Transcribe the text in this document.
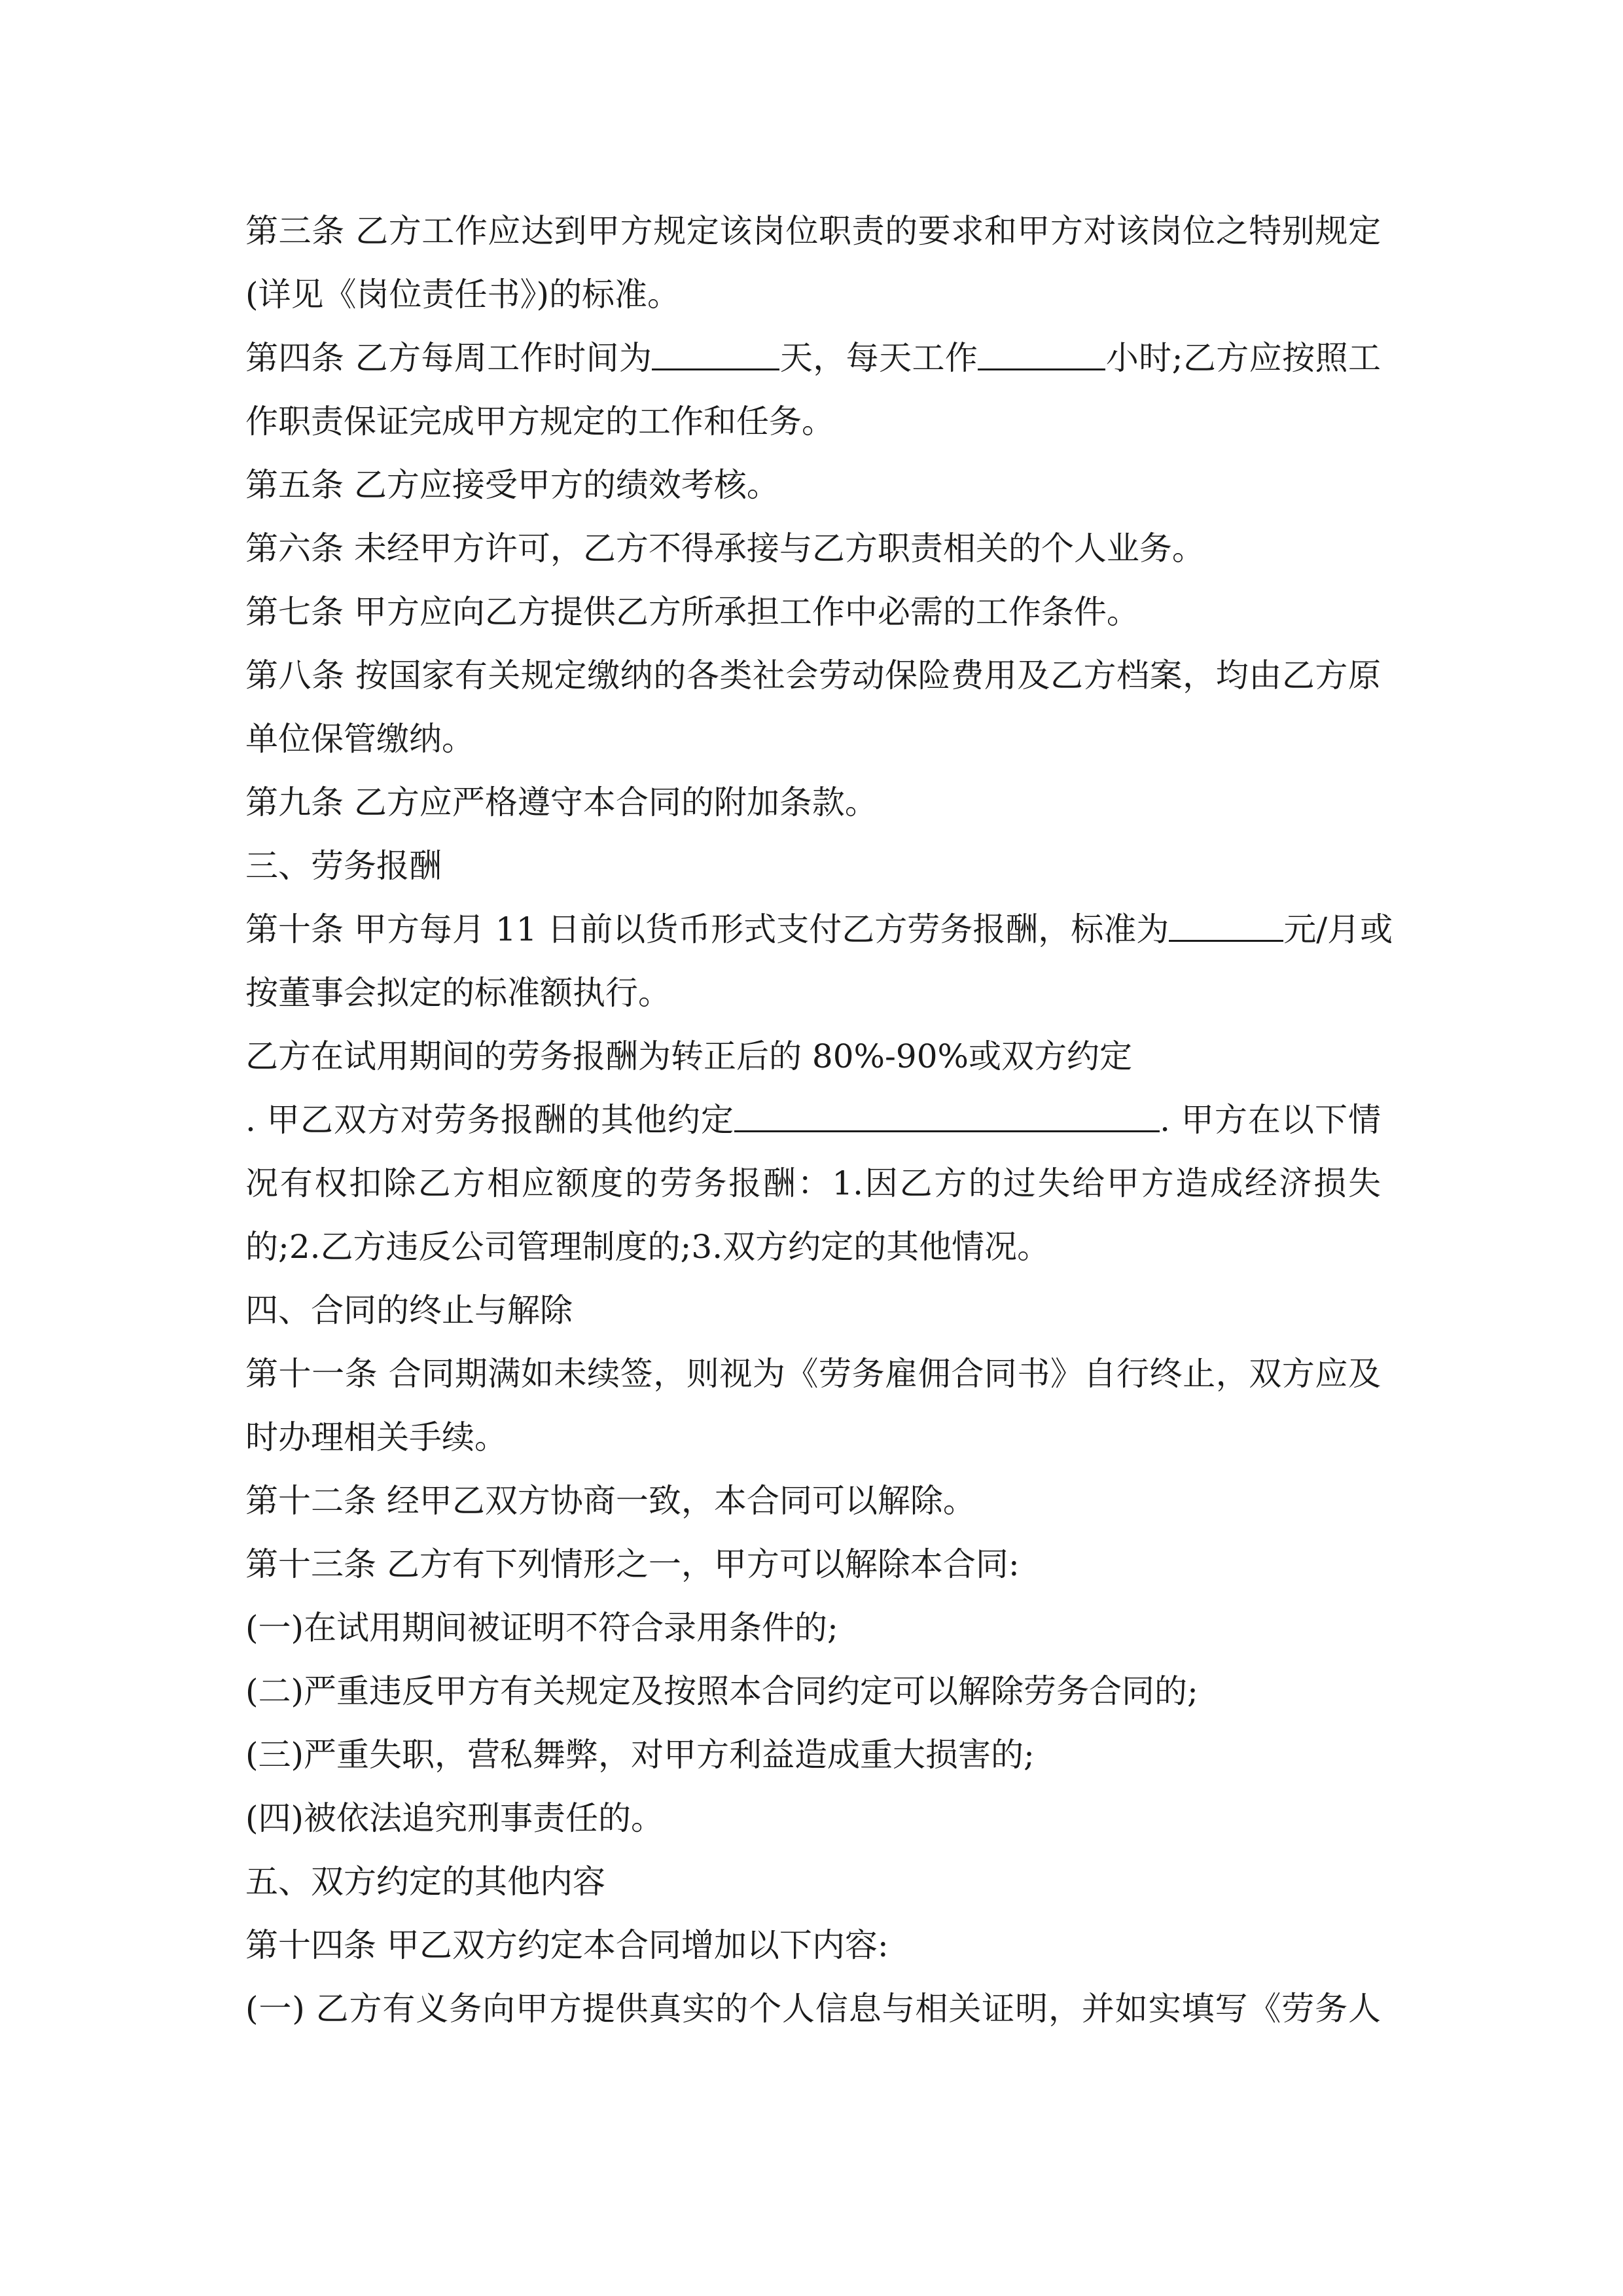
第三条 乙方工作应达到甲方规定该岗位职责的要求和甲方对该岗位之特别规定
(详见《岗位责任书》)的标准。
第四条 乙方每周工作时间为	天，每天工作	小时;乙方应按照工
作职责保证完成甲方规定的工作和任务。
第五条 乙方应接受甲方的绩效考核。
第六条 未经甲方许可，乙方不得承接与乙方职责相关的个人业务。
第七条 甲方应向乙方提供乙方所承担工作中必需的工作条件。
第八条 按国家有关规定缴纳的各类社会劳动保险费用及乙方档案，均由乙方原
单位保管缴纳。
第九条 乙方应严格遵守本合同的附加条款。
三、劳务报酬
第十条 甲方每月 11 日前以货币形式支付乙方劳务报酬，标准为	元/月或
按董事会拟定的标准额执行。
乙方在试用期间的劳务报酬为转正后的 80%-90%或双方约定
. 甲乙双方对劳务报酬的其他约定	. 甲方在以下情
况有权扣除乙方相应额度的劳务报酬：1.因乙方的过失给甲方造成经济损失
的;2.乙方违反公司管理制度的;3.双方约定的其他情况。
四、合同的终止与解除
第十一条 合同期满如未续签，则视为《劳务雇佣合同书》自行终止，双方应及
时办理相关手续。
第十二条 经甲乙双方协商一致，本合同可以解除。
第十三条 乙方有下列情形之一，甲方可以解除本合同:
(一)在试用期间被证明不符合录用条件的;
(二)严重违反甲方有关规定及按照本合同约定可以解除劳务合同的;
(三)严重失职，营私舞弊，对甲方利益造成重大损害的;
(四)被依法追究刑事责任的。
五、双方约定的其他内容
第十四条 甲乙双方约定本合同增加以下内容:
(一) 乙方有义务向甲方提供真实的个人信息与相关证明，并如实填写《劳务人
